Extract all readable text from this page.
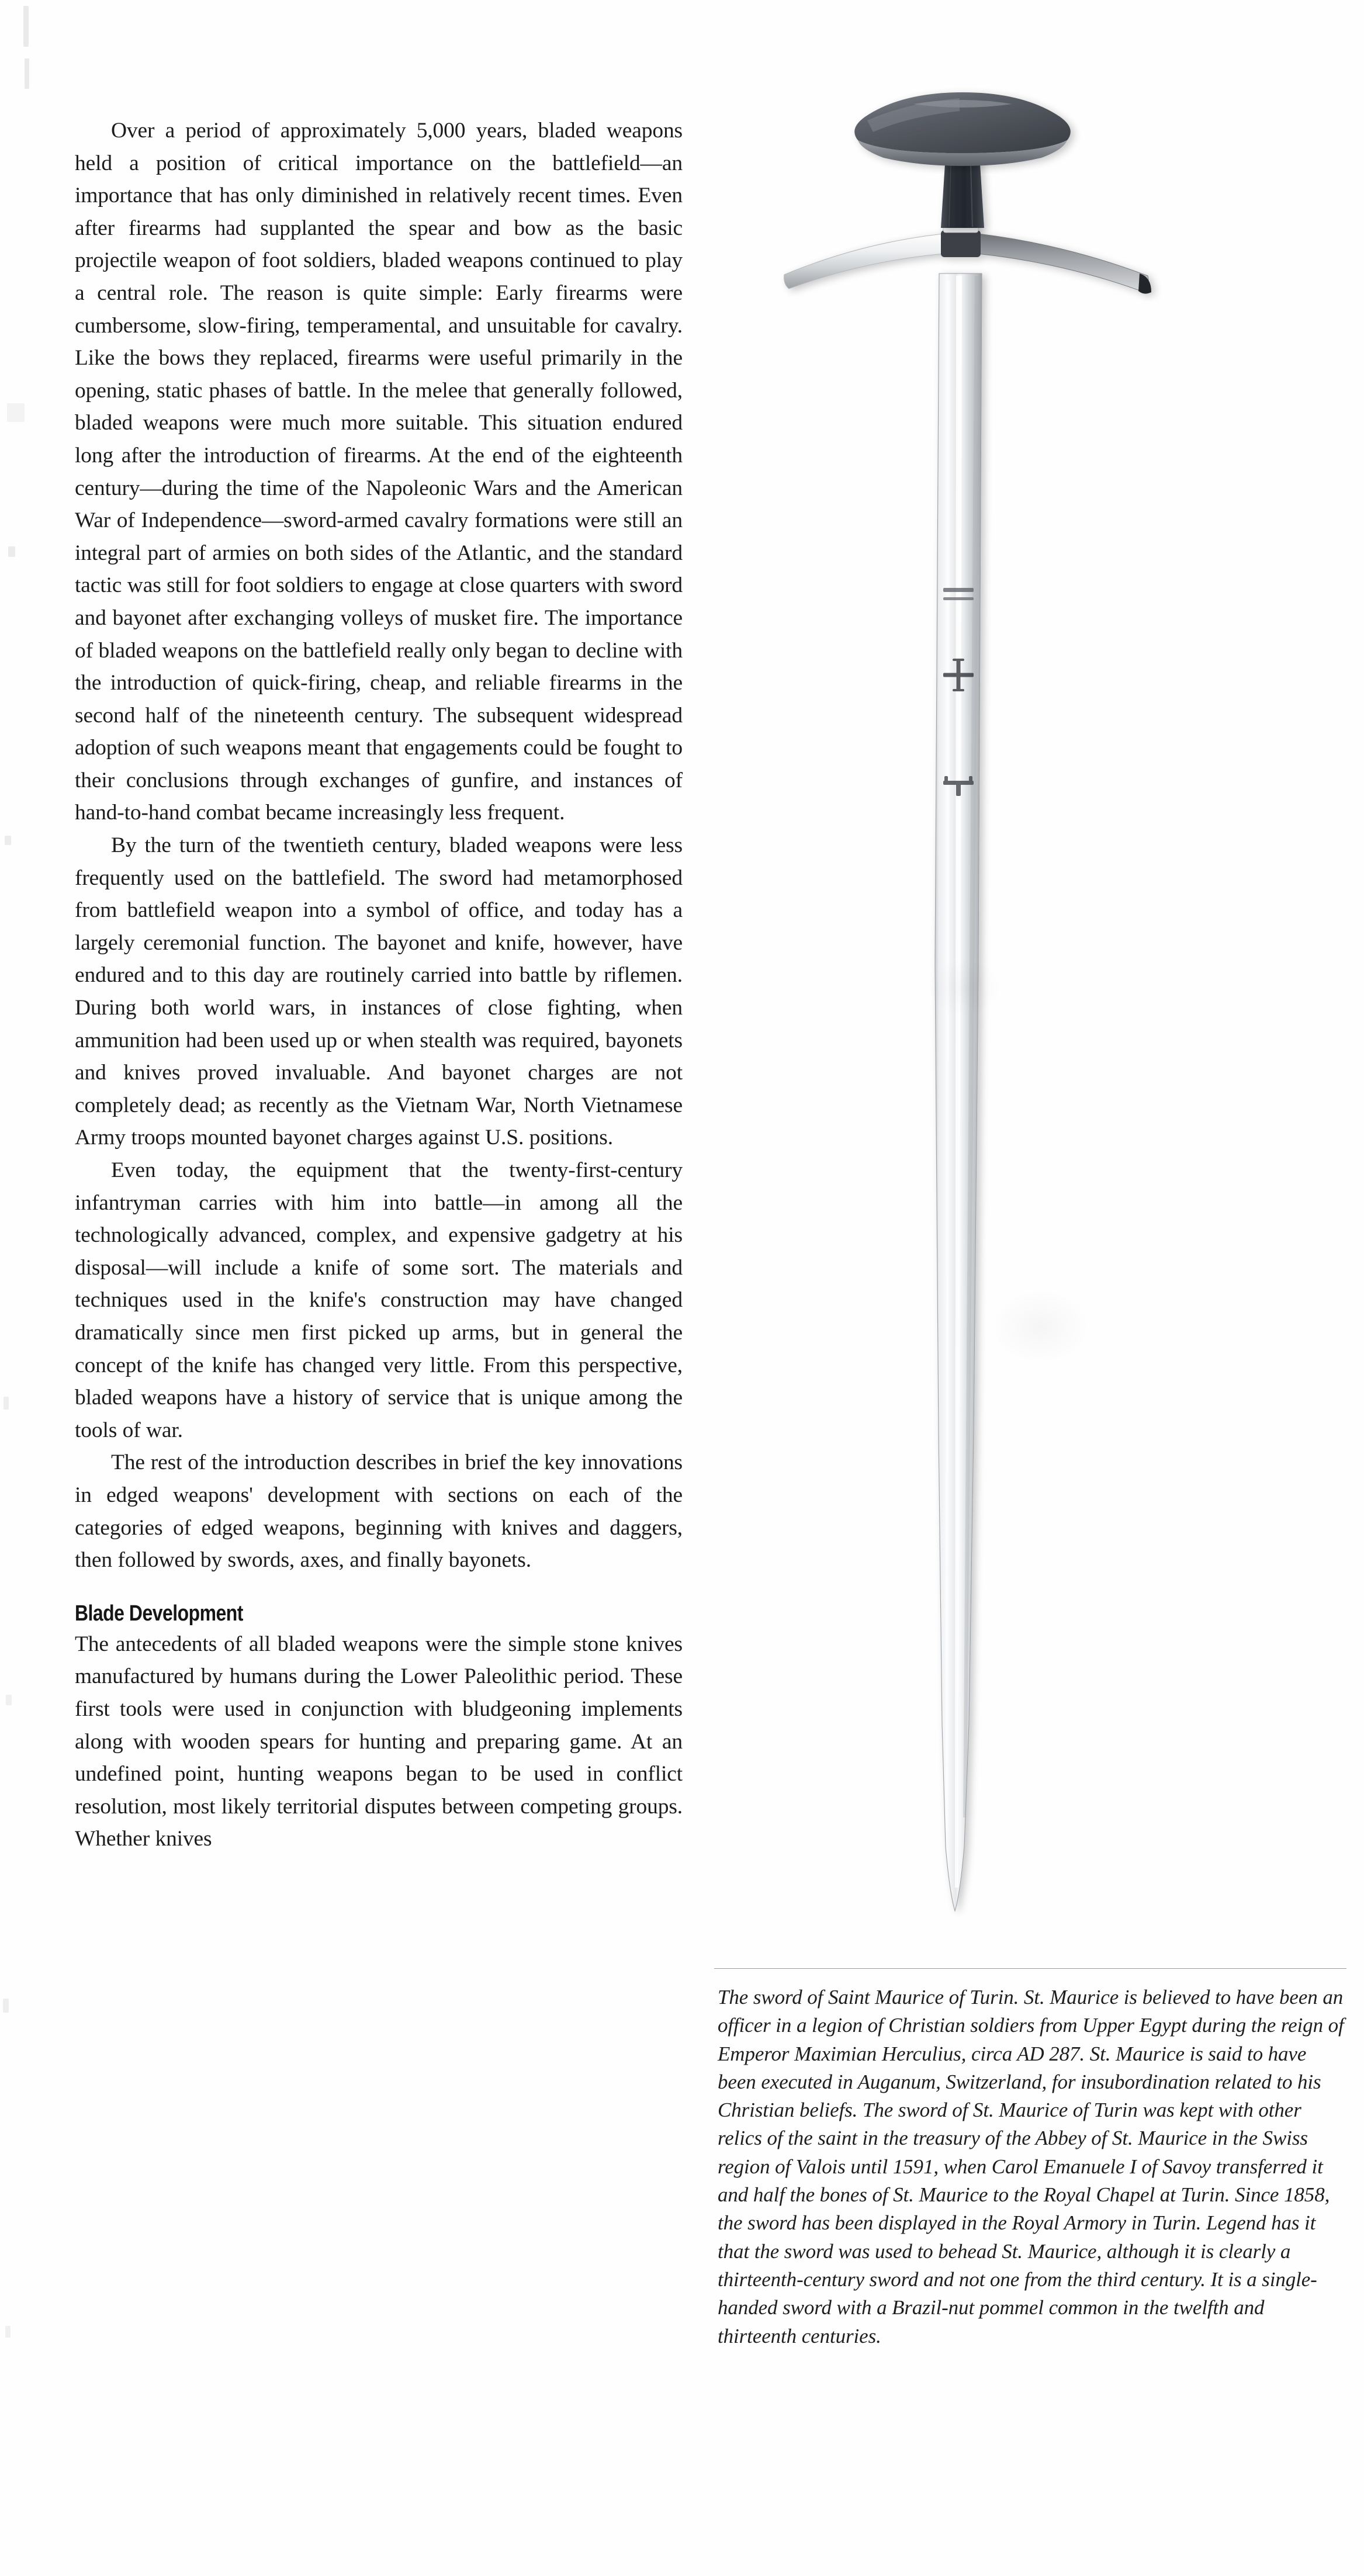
Over a period of approximately 5,000 years, bladed weapons held a position of critical importance on the battlefield—an importance that has only diminished in relatively recent times. Even after firearms had supplanted the spear and bow as the basic projectile weapon of foot soldiers, bladed weapons continued to play a central role. The reason is quite simple: Early firearms were cumbersome, slow-firing, temperamental, and unsuitable for cavalry. Like the bows they replaced, firearms were useful primarily in the opening, static phases of battle. In the melee that generally followed, bladed weapons were much more suitable. This situation endured long after the introduction of firearms. At the end of the eighteenth century—during the time of the Napoleonic Wars and the American War of Independence—sword-armed cavalry formations were still an integral part of armies on both sides of the Atlantic, and the standard tactic was still for foot soldiers to engage at close quarters with sword and bayonet after exchanging volleys of musket fire. The importance of bladed weapons on the battlefield really only began to decline with the introduction of quick-firing, cheap, and reliable firearms in the second half of the nineteenth century. The subsequent widespread adoption of such weapons meant that engagements could be fought to their conclusions through exchanges of gunfire, and instances of hand-to-hand combat became increasingly less frequent.

By the turn of the twentieth century, bladed weapons were less frequently used on the battlefield. The sword had metamorphosed from battlefield weapon into a symbol of office, and today has a largely ceremonial function. The bayonet and knife, however, have endured and to this day are routinely carried into battle by riflemen. During both world wars, in instances of close fighting, when ammunition had been used up or when stealth was required, bayonets and knives proved invaluable. And bayonet charges are not completely dead; as recently as the Vietnam War, North Vietnamese Army troops mounted bayonet charges against U.S. positions.

Even today, the equipment that the twenty-first-century infantryman carries with him into battle—in among all the technologically advanced, complex, and expensive gadgetry at his disposal—will include a knife of some sort. The materials and techniques used in the knife's construction may have changed dramatically since men first picked up arms, but in general the concept of the knife has changed very little. From this perspective, bladed weapons have a history of service that is unique among the tools of war.

The rest of the introduction describes in brief the key innovations in edged weapons' development with sections on each of the categories of edged weapons, beginning with knives and daggers, then followed by swords, axes, and finally bayonets.

Blade Development

The antecedents of all bladed weapons were the simple stone knives manufactured by humans during the Lower Paleolithic period. These first tools were used in conjunction with bludgeoning implements along with wooden spears for hunting and preparing game. At an undefined point, hunting weapons began to be used in conflict resolution, most likely territorial disputes between competing groups. Whether knives

The sword of Saint Maurice of Turin. St. Maurice is believed to have been an officer in a legion of Christian soldiers from Upper Egypt during the reign of Emperor Maximian Herculius, circa AD 287. St. Maurice is said to have been executed in Auganum, Switzerland, for insubordination related to his Christian beliefs. The sword of St. Maurice of Turin was kept with other relics of the saint in the treasury of the Abbey of St. Maurice in the Swiss region of Valois until 1591, when Carol Emanuele I of Savoy transferred it and half the bones of St. Maurice to the Royal Chapel at Turin. Since 1858, the sword has been displayed in the Royal Armory in Turin. Legend has it that the sword was used to behead St. Maurice, although it is clearly a thirteenth-century sword and not one from the third century. It is a single-handed sword with a Brazil-nut pommel common in the twelfth and thirteenth centuries.
